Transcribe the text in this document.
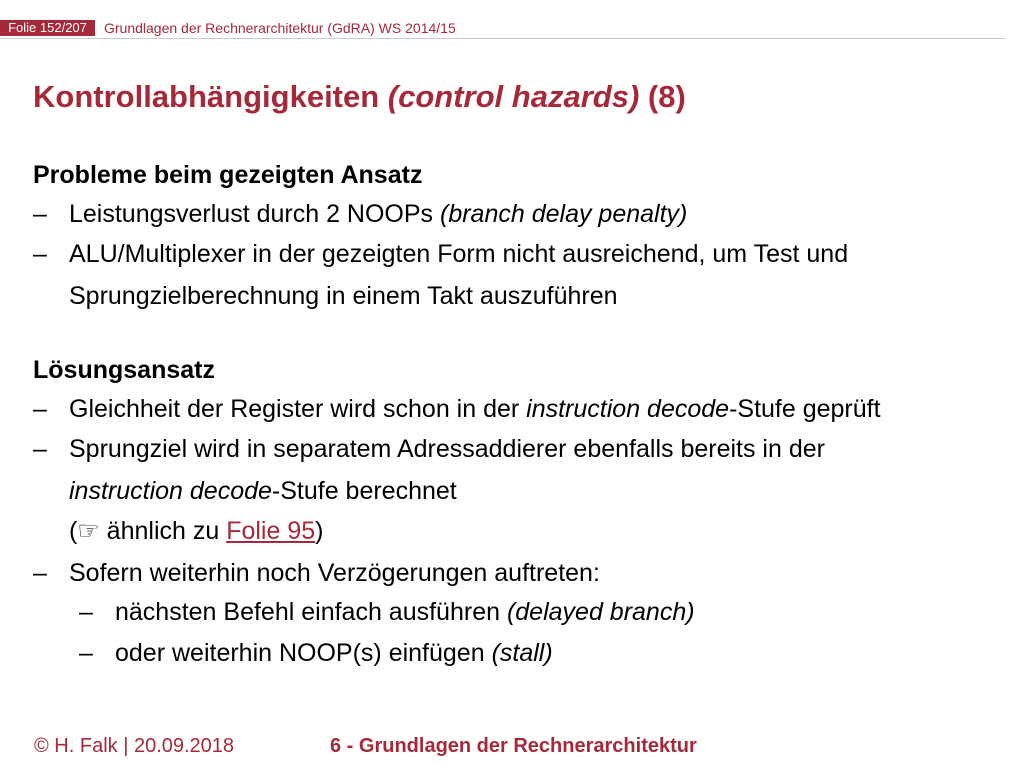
Folie 152/207	Grundlagen der Rechnerarchitektur (GdRA) WS 2014/15
Kontrollabhängigkeiten (control hazards) (8)
Probleme beim gezeigten Ansatz
– Leistungsverlust durch 2 NOOPs (branch delay penalty)
– ALU/Multiplexer in der gezeigten Form nicht ausreichend, um Test und
Sprungzielberechnung in einem Takt auszuführen
Lösungsansatz
– Gleichheit der Register wird schon in der instruction decode-Stufe geprüft
– Sprungziel wird in separatem Adressaddierer ebenfalls bereits in der
instruction decode-Stufe berechnet
(☞ ähnlich zu Folie 95)
– Sofern weiterhin noch Verzögerungen auftreten:
– nächsten Befehl einfach ausführen (delayed branch)
– oder weiterhin NOOP(s) einfügen (stall)
© H. Falk | 20.09.2018	6 - Grundlagen der Rechnerarchitektur
